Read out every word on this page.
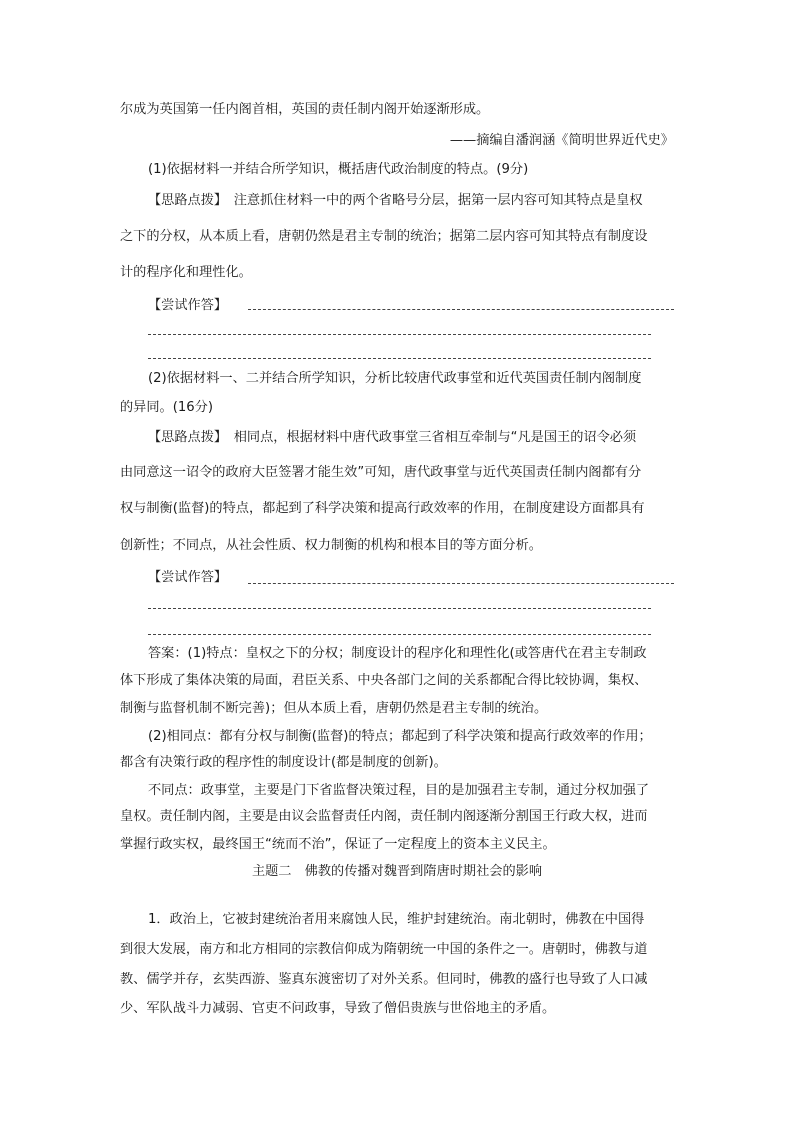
尔成为英国第一任内阁首相，英国的责任制内阁开始逐渐形成。
——摘编自潘润涵《简明世界近代史》
(1)依据材料一并结合所学知识，概括唐代政治制度的特点。(9分)
【思路点拨】　注意抓住材料一中的两个省略号分层，据第一层内容可知其特点是皇权
之下的分权，从本质上看，唐朝仍然是君主专制的统治；据第二层内容可知其特点有制度设
计的程序化和理性化。
【尝试作答】
(2)依据材料一、二并结合所学知识，分析比较唐代政事堂和近代英国责任制内阁制度
的异同。(16分)
【思路点拨】　相同点，根据材料中唐代政事堂三省相互牵制与“凡是国王的诏令必须
由同意这一诏令的政府大臣签署才能生效”可知，唐代政事堂与近代英国责任制内阁都有分
权与制衡(监督)的特点，都起到了科学决策和提高行政效率的作用，在制度建设方面都具有
创新性；不同点，从社会性质、权力制衡的机构和根本目的等方面分析。
【尝试作答】
答案：(1)特点：皇权之下的分权；制度设计的程序化和理性化(或答唐代在君主专制政
体下形成了集体决策的局面，君臣关系、中央各部门之间的关系都配合得比较协调，集权、
制衡与监督机制不断完善)；但从本质上看，唐朝仍然是君主专制的统治。
(2)相同点：都有分权与制衡(监督)的特点；都起到了科学决策和提高行政效率的作用；
都含有决策行政的程序性的制度设计(都是制度的创新)。
不同点：政事堂，主要是门下省监督决策过程，目的是加强君主专制，通过分权加强了
皇权。责任制内阁，主要是由议会监督责任内阁，责任制内阁逐渐分割国王行政大权，进而
掌握行政实权，最终国王“统而不治”，保证了一定程度上的资本主义民主。
主题二　佛教的传播对魏晋到隋唐时期社会的影响
1．政治上，它被封建统治者用来腐蚀人民，维护封建统治。南北朝时，佛教在中国得
到很大发展，南方和北方相同的宗教信仰成为隋朝统一中国的条件之一。唐朝时，佛教与道
教、儒学并存，玄奘西游、鉴真东渡密切了对外关系。但同时，佛教的盛行也导致了人口减
少、军队战斗力减弱、官吏不问政事，导致了僧侣贵族与世俗地主的矛盾。
